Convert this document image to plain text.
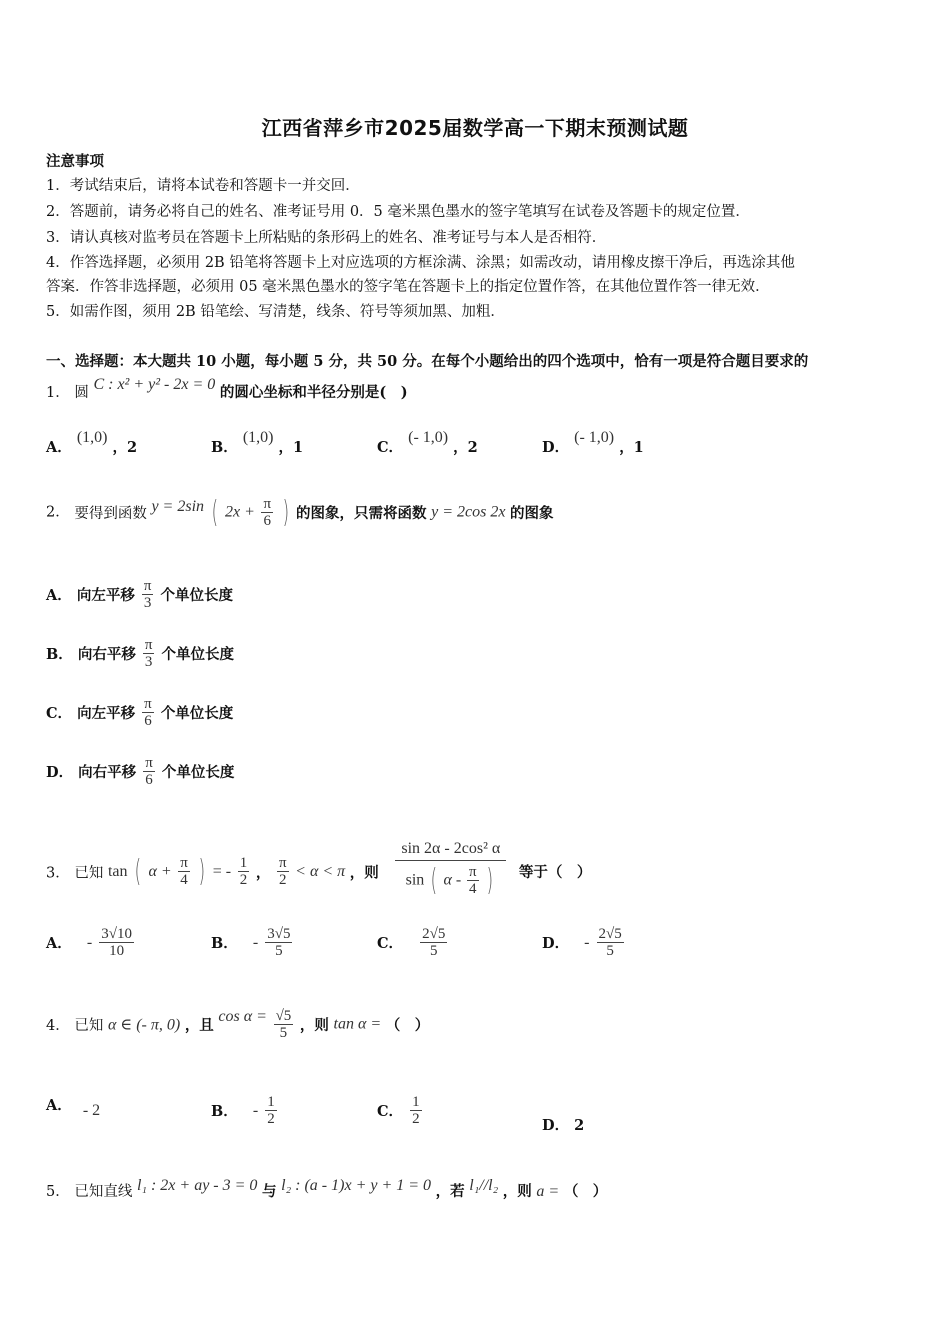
江西省萍乡市2025届数学高一下期末预测试题
注意事项
1．考试结束后，请将本试卷和答题卡一并交回．
2．答题前，请务必将自己的姓名、准考证号用 0．5 毫米黑色墨水的签字笔填写在试卷及答题卡的规定位置．
3．请认真核对监考员在答题卡上所粘贴的条形码上的姓名、准考证号与本人是否相符．
4．作答选择题，必须用 2B 铅笔将答题卡上对应选项的方框涂满、涂黑；如需改动，请用橡皮擦干净后，再选涂其他
答案．作答非选择题，必须用 05 毫米黑色墨水的签字笔在答题卡上的指定位置作答，在其他位置作答一律无效．
5．如需作图，须用 2B 铅笔绘、写清楚，线条、符号等须加黑、加粗．
一、选择题：本大题共 10 小题，每小题 5 分，共 50 分。在每个小题给出的四个选项中，恰有一项是符合题目要求的
1． 圆 C : x² + y² - 2x = 0 的圆心坐标和半径分别是(　)
A． (1,0) ，2	B． (1,0) ，1	C． (- 1,0) ，2	D． (- 1,0) ，1
2． 要得到函数 y = 2sin ( $2x + \frac{\pi}{6}$ ) 的图象，只需将函数 y = 2cos 2x 的图象
A． 向左平移 $\frac{\pi}{3}$ 个单位长度
B． 向右平移 $\frac{\pi}{3}$ 个单位长度
C． 向左平移 $\frac{\pi}{6}$ 个单位长度
D． 向右平移 $\frac{\pi}{6}$ 个单位长度
3． 已知 tan ( $\alpha + \frac{\pi}{4}$ ) = - $\frac{1}{2}$ ， $\frac{\pi}{2} < \alpha < \pi$ ，则 $\frac{\text{sin 2α - 2cos² α}}{\sin ( \alpha - \frac{\pi}{4} )}$ 等于（　）
A． - $\frac{3√10}{10}$	B． - $\frac{3√5}{5}$	C． $\frac{2√5}{5}$	D． - $\frac{2√5}{5}$
4． 已知 α ∈ (- π, 0) ，且 $\cos \alpha = \frac{√5}{5}$ ，则 tan α = （　）
A． - 2	B． - $\frac{1}{2}$	C． $\frac{1}{2}$	D． 2
5． 已知直线 l₁ : 2x + ay - 3 = 0 与 l₂ : (a - 1)x + y + 1 = 0 ，若 l₁//l₂ ，则 a = （　）
